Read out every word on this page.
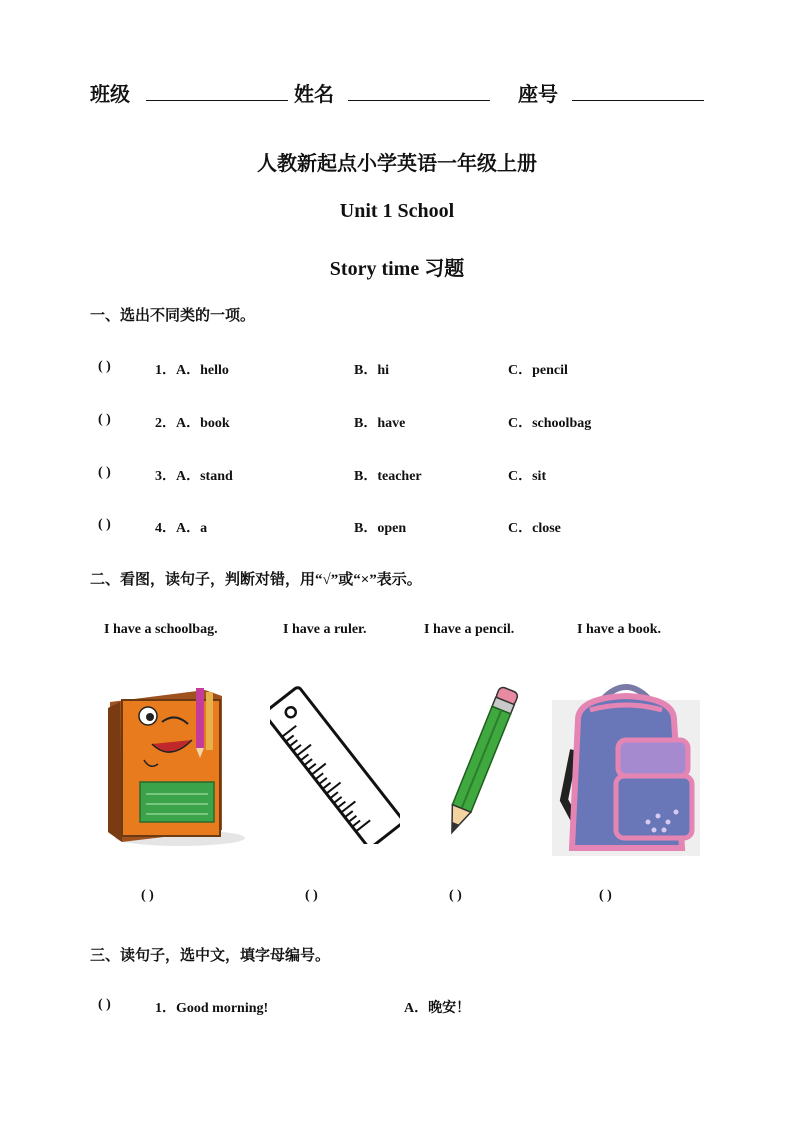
班级	姓名	座号
人教新起点小学英语一年级上册
Unit 1 School
Story time 习题
一、选出不同类的一项。
( )	1．A．hello	B．hi	C．pencil
( )	2．A．book	B．have	C．schoolbag
( )	3．A．stand	B．teacher	C．sit
( )	4．A．a	B．open	C．close
二、看图，读句子，判断对错，用“√”或“×”表示。
I have a schoolbag.	I have a ruler.	I have a pencil.	I have a book.
( )	( )	( )	( )
三、读句子，选中文，填字母编号。
( )	1．Good morning!	A．晚安！
